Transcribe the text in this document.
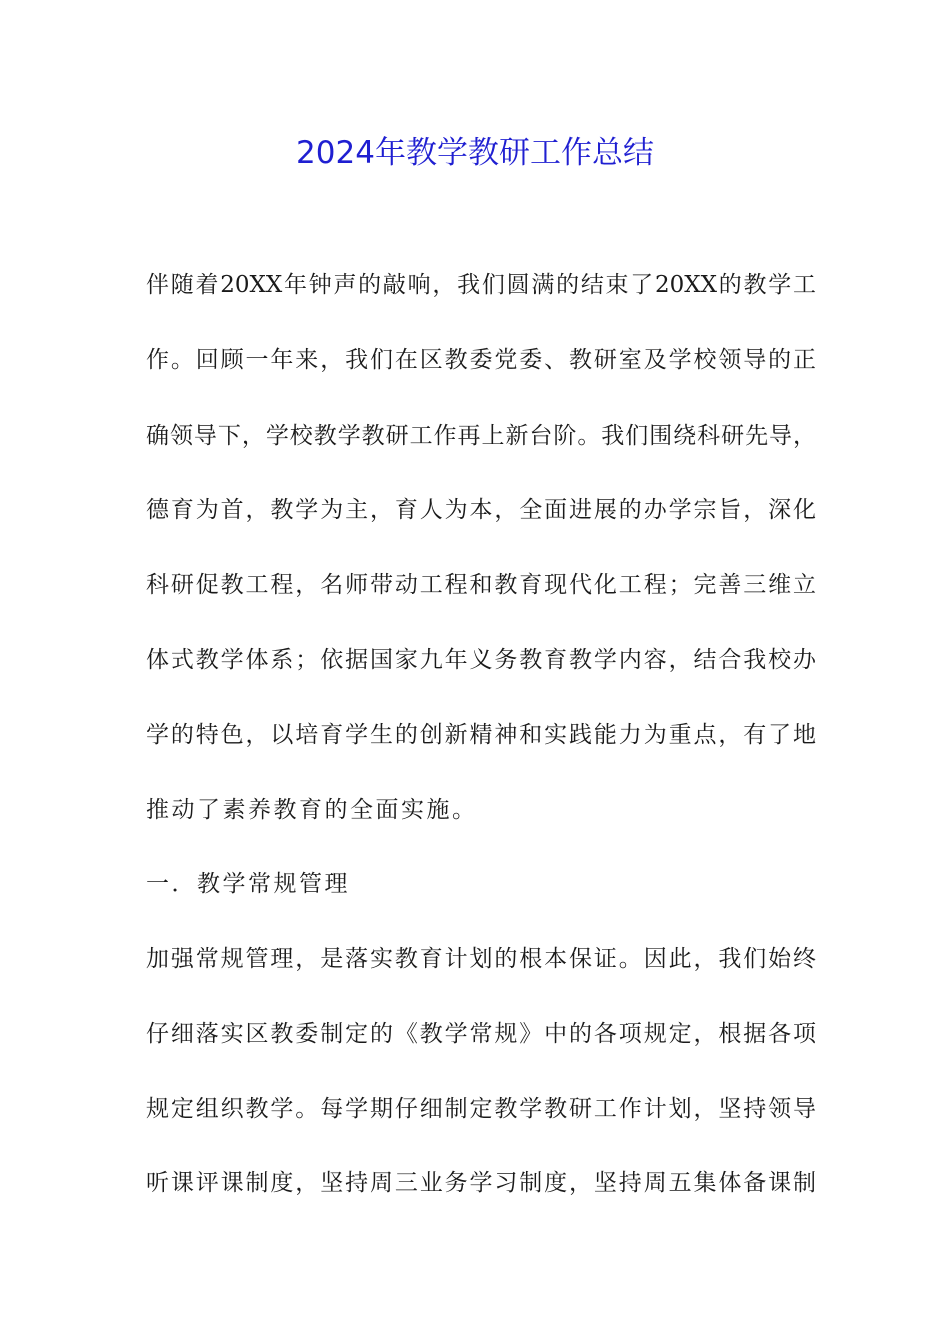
2024年教学教研工作总结

伴随着20XX年钟声的敲响，我们圆满的结束了20XX的教学工

作。回顾一年来，我们在区教委党委、教研室及学校领导的正

确领导下，学校教学教研工作再上新台阶。我们围绕科研先导，

德育为首，教学为主，育人为本，全面进展的办学宗旨，深化

科研促教工程，名师带动工程和教育现代化工程；完善三维立

体式教学体系；依据国家九年义务教育教学内容，结合我校办

学的特色，以培育学生的创新精神和实践能力为重点，有了地

推动了素养教育的全面实施。

一．教学常规管理

加强常规管理，是落实教育计划的根本保证。因此，我们始终

仔细落实区教委制定的《教学常规》中的各项规定，根据各项

规定组织教学。每学期仔细制定教学教研工作计划，坚持领导

听课评课制度，坚持周三业务学习制度，坚持周五集体备课制
